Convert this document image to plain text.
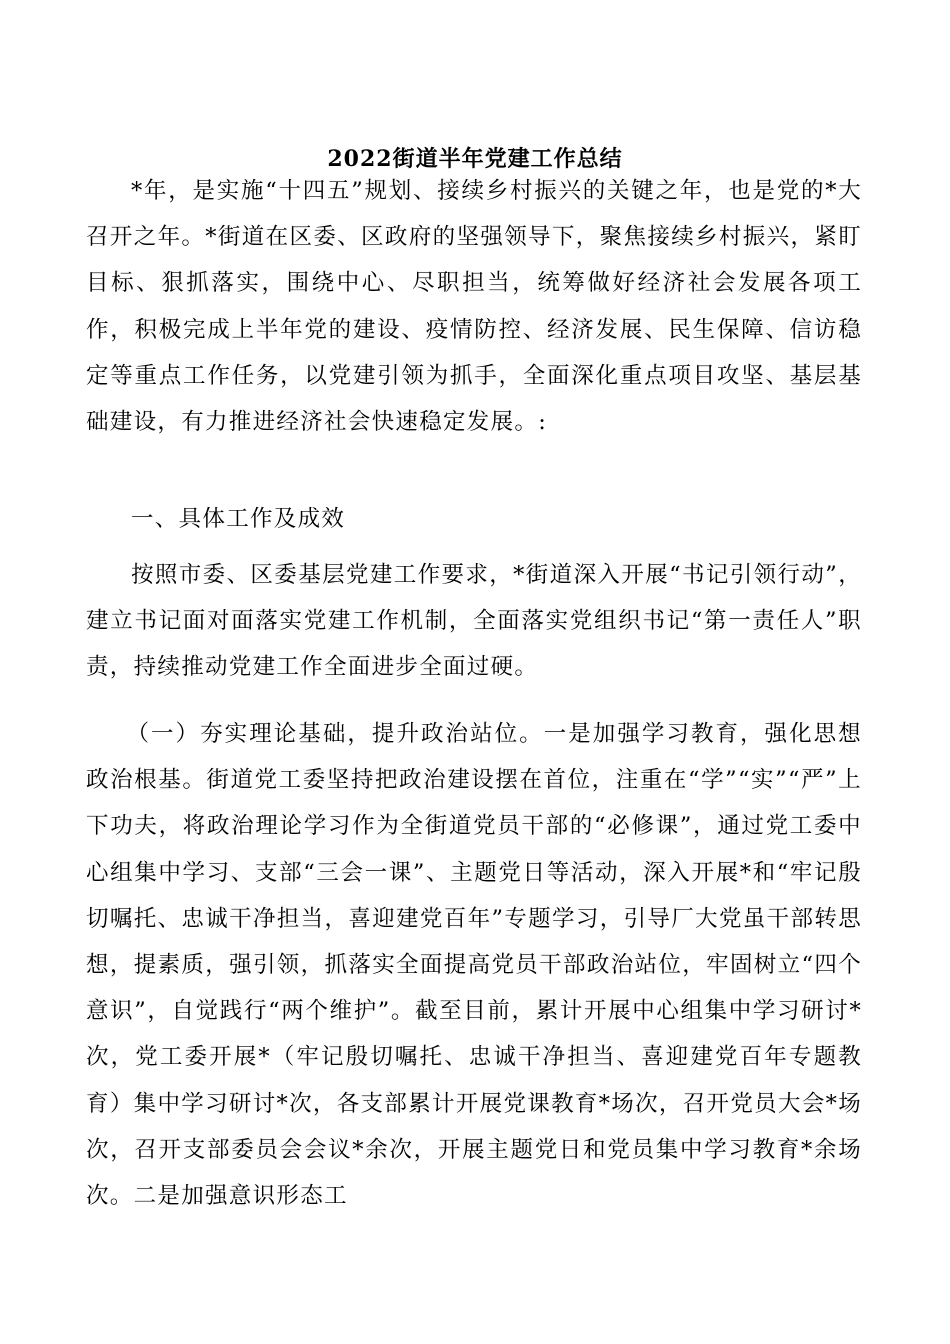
2022街道半年党建工作总结

*年，是实施“十四五”规划、接续乡村振兴的关键之年，也是党的*大召开之年。*街道在区委、区政府的坚强领导下，聚焦接续乡村振兴，紧盯目标、狠抓落实，围绕中心、尽职担当，统筹做好经济社会发展各项工作，积极完成上半年党的建设、疫情防控、经济发展、民生保障、信访稳定等重点工作任务，以党建引领为抓手，全面深化重点项目攻坚、基层基础建设，有力推进经济社会快速稳定发展。:

一、具体工作及成效

按照市委、区委基层党建工作要求，*街道深入开展“书记引领行动”，建立书记面对面落实党建工作机制，全面落实党组织书记“第一责任人”职责，持续推动党建工作全面进步全面过硬。

（一）夯实理论基础，提升政治站位。一是加强学习教育，强化思想政治根基。街道党工委坚持把政治建设摆在首位，注重在“学”“实”“严”上下功夫，将政治理论学习作为全街道党员干部的“必修课”，通过党工委中心组集中学习、支部“三会一课”、主题党日等活动，深入开展*和“牢记殷切嘱托、忠诚干净担当，喜迎建党百年”专题学习，引导厂大党虽干部转思想，提素质，强引领，抓落实全面提高党员干部政治站位，牢固树立“四个意识”，自觉践行“两个维护”。截至目前，累计开展中心组集中学习研讨*次，党工委开展*（牢记殷切嘱托、忠诚干净担当、喜迎建党百年专题教育）集中学习研讨*次，各支部累计开展党课教育*场次，召开党员大会*场次，召开支部委员会会议*余次，开展主题党日和党员集中学习教育*余场次。二是加强意识形态工
